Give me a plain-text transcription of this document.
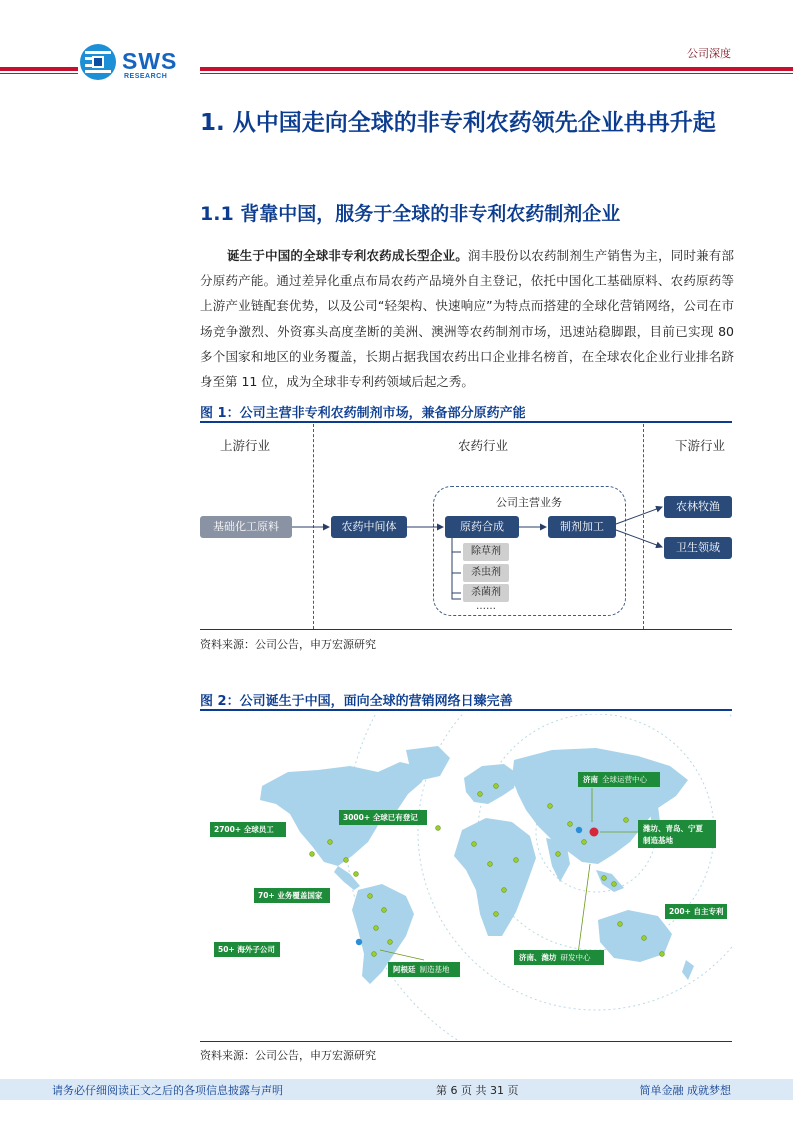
SWS
RESEARCH
公司深度
1. 从中国走向全球的非专利农药领先企业冉冉升起
1.1 背靠中国，服务于全球的非专利农药制剂企业
诞生于中国的全球非专利农药成长型企业。润丰股份以农药制剂生产销售为主，同时兼有部分原药产能。通过差异化重点布局农药产品境外自主登记，依托中国化工基础原料、农药原药等上游产业链配套优势，以及公司“轻架构、快速响应”为特点而搭建的全球化营销网络，公司在市场竞争激烈、外资寡头高度垄断的美洲、澳洲等农药制剂市场，迅速站稳脚跟，目前已实现 80 多个国家和地区的业务覆盖，长期占据我国农药出口企业排名榜首，在全球农化企业行业排名跻身至第 11 位，成为全球非专利药领域后起之秀。
图 1：公司主营非专利农药制剂市场，兼备部分原药产能
上游行业	农药行业	下游行业
公司主营业务
基础化工原料	农药中间体	原药合成	制剂加工
农林牧渔
卫生领域
除草剂
杀虫剂
杀菌剂
……
资料来源：公司公告，申万宏源研究
图 2：公司诞生于中国，面向全球的营销网络日臻完善
2700+ 全球员工
3000+ 全球已有登记
70+ 业务覆盖国家
50+ 海外子公司
阿根廷 制造基地
济南 全球运营中心
潍坊、青岛、宁夏
制造基地
200+ 自主专利
济南、潍坊 研发中心
资料来源：公司公告，申万宏源研究
请务必仔细阅读正文之后的各项信息披露与声明	第 6 页 共 31 页	简单金融 成就梦想
